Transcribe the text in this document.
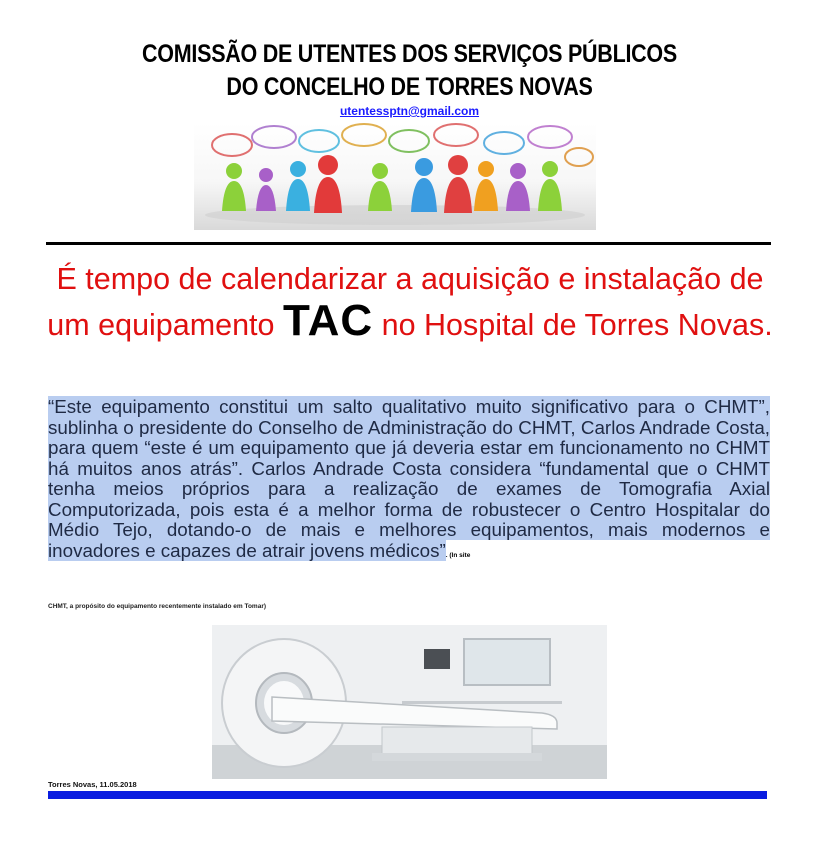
COMISSÃO DE UTENTES DOS SERVIÇOS PÚBLICOS
DO CONCELHO DE TORRES NOVAS
utentessptn@gmail.com
É tempo de calendarizar a aquisição e instalação de um equipamento TAC no Hospital de Torres Novas.
“Este equipamento constitui um salto qualitativo muito significativo para o CHMT”, sublinha o presidente do Conselho de Administração do CHMT, Carlos Andrade Costa, para quem “este é um equipamento que já deveria estar em funcionamento no CHMT há muitos anos atrás”. Carlos Andrade Costa considera “fundamental que o CHMT tenha meios próprios para a realização de exames de Tomografia Axial Computorizada, pois esta é a melhor forma de robustecer o Centro Hospitalar do Médio Tejo, dotando-o de mais e melhores equipamentos, mais modernos e inovadores e capazes de atrair jovens médicos”. (In site
CHMT, a propósito do equipamento recentemente instalado em Tomar)
Torres Novas, 11.05.2018
